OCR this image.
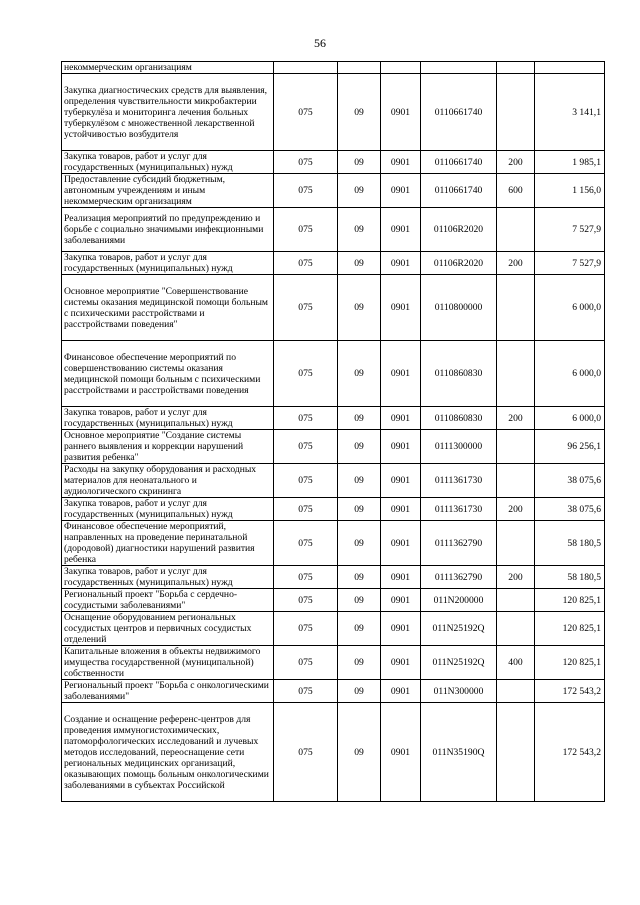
56
некоммерческим организациям						
Закупка диагностических средств для выявления, определения чувствительности микробактерии туберкулёза и мониторинга лечения больных туберкулёзом с множественной лекарственной устойчивостью возбудителя	075	09	0901	0110661740		3 141,1
Закупка товаров, работ и услуг для государственных (муниципальных) нужд	075	09	0901	0110661740	200	1 985,1
Предоставление субсидий бюджетным, автономным учреждениям и иным некоммерческим организациям	075	09	0901	0110661740	600	1 156,0
Реализация мероприятий по предупреждению и борьбе с социально значимыми инфекционными заболеваниями	075	09	0901	01106R2020		7 527,9
Закупка товаров, работ и услуг для государственных (муниципальных) нужд	075	09	0901	01106R2020	200	7 527,9
Основное мероприятие "Совершенствование системы оказания медицинской помощи больным с психическими расстройствами и расстройствами поведения"	075	09	0901	0110800000		6 000,0
Финансовое обеспечение мероприятий по совершенствованию системы оказания медицинской помощи больным с психическими расстройствами и расстройствами поведения	075	09	0901	0110860830		6 000,0
Закупка товаров, работ и услуг для государственных (муниципальных) нужд	075	09	0901	0110860830	200	6 000,0
Основное мероприятие "Создание системы раннего выявления и коррекции нарушений развития ребенка"	075	09	0901	0111300000		96 256,1
Расходы на закупку оборудования и расходных материалов для неонатального и аудиологического скрининга	075	09	0901	0111361730		38 075,6
Закупка товаров, работ и услуг для государственных (муниципальных) нужд	075	09	0901	0111361730	200	38 075,6
Финансовое обеспечение мероприятий, направленных на проведение перинатальной (дородовой) диагностики нарушений развития ребенка	075	09	0901	0111362790		58 180,5
Закупка товаров, работ и услуг для государственных (муниципальных) нужд	075	09	0901	0111362790	200	58 180,5
Региональный проект "Борьба с сердечно-сосудистыми заболеваниями"	075	09	0901	011N200000		120 825,1
Оснащение оборудованием региональных сосудистых центров и первичных сосудистых отделений	075	09	0901	011N25192Q		120 825,1
Капитальные вложения в объекты недвижимого имущества государственной (муниципальной) собственности	075	09	0901	011N25192Q	400	120 825,1
Региональный проект "Борьба с онкологическими заболеваниями"	075	09	0901	011N300000		172 543,2
Создание и оснащение референс-центров для проведения иммуногистохимических, патоморфологических исследований и лучевых методов исследований, переоснащение сети региональных медицинских организаций, оказывающих помощь больным онкологическими заболеваниями в субъектах Российской	075	09	0901	011N35190Q		172 543,2
